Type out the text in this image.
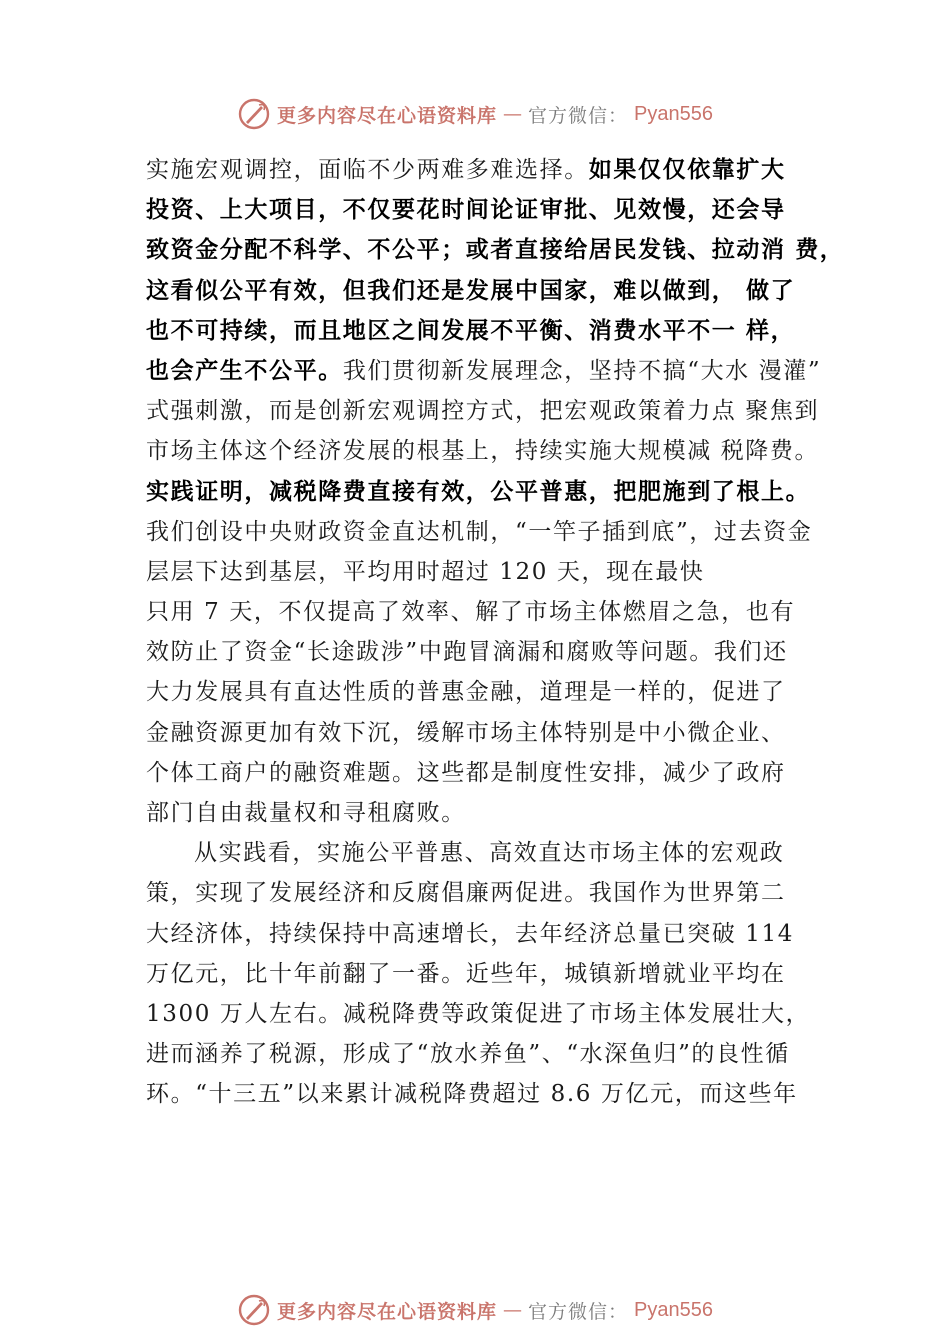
更多内容尽在心语资料库 — 官方微信： Pyan556
实施宏观调控，面临不少两难多难选择。如果仅仅依靠扩大
投资、上大项目，不仅要花时间论证审批、见效慢，还会导
致资金分配不科学、不公平；或者直接给居民发钱、拉动消 费，
这看似公平有效，但我们还是发展中国家，难以做到， 做了
也不可持续，而且地区之间发展不平衡、消费水平不一 样，
也会产生不公平。我们贯彻新发展理念，坚持不搞“大水 漫灌”
式强刺激，而是创新宏观调控方式，把宏观政策着力点 聚焦到
市场主体这个经济发展的根基上，持续实施大规模减 税降费。
实践证明，减税降费直接有效，公平普惠，把肥施到了根上。
我们创设中央财政资金直达机制，“一竿子插到底”，过去资金
层层下达到基层，平均用时超过 120 天，现在最快
只用 7 天，不仅提高了效率、解了市场主体燃眉之急，也有
效防止了资金“长途跋涉”中跑冒滴漏和腐败等问题。我们还
大力发展具有直达性质的普惠金融，道理是一样的，促进了
金融资源更加有效下沉，缓解市场主体特别是中小微企业、
个体工商户的融资难题。这些都是制度性安排，减少了政府
部门自由裁量权和寻租腐败。
从实践看，实施公平普惠、高效直达市场主体的宏观政
策，实现了发展经济和反腐倡廉两促进。我国作为世界第二
大经济体，持续保持中高速增长，去年经济总量已突破 114
万亿元，比十年前翻了一番。近些年，城镇新增就业平均在
1300 万人左右。减税降费等政策促进了市场主体发展壮大，
进而涵养了税源，形成了“放水养鱼”、“水深鱼归”的良性循
环。“十三五”以来累计减税降费超过 8.6 万亿元，而这些年
更多内容尽在心语资料库 — 官方微信： Pyan556
